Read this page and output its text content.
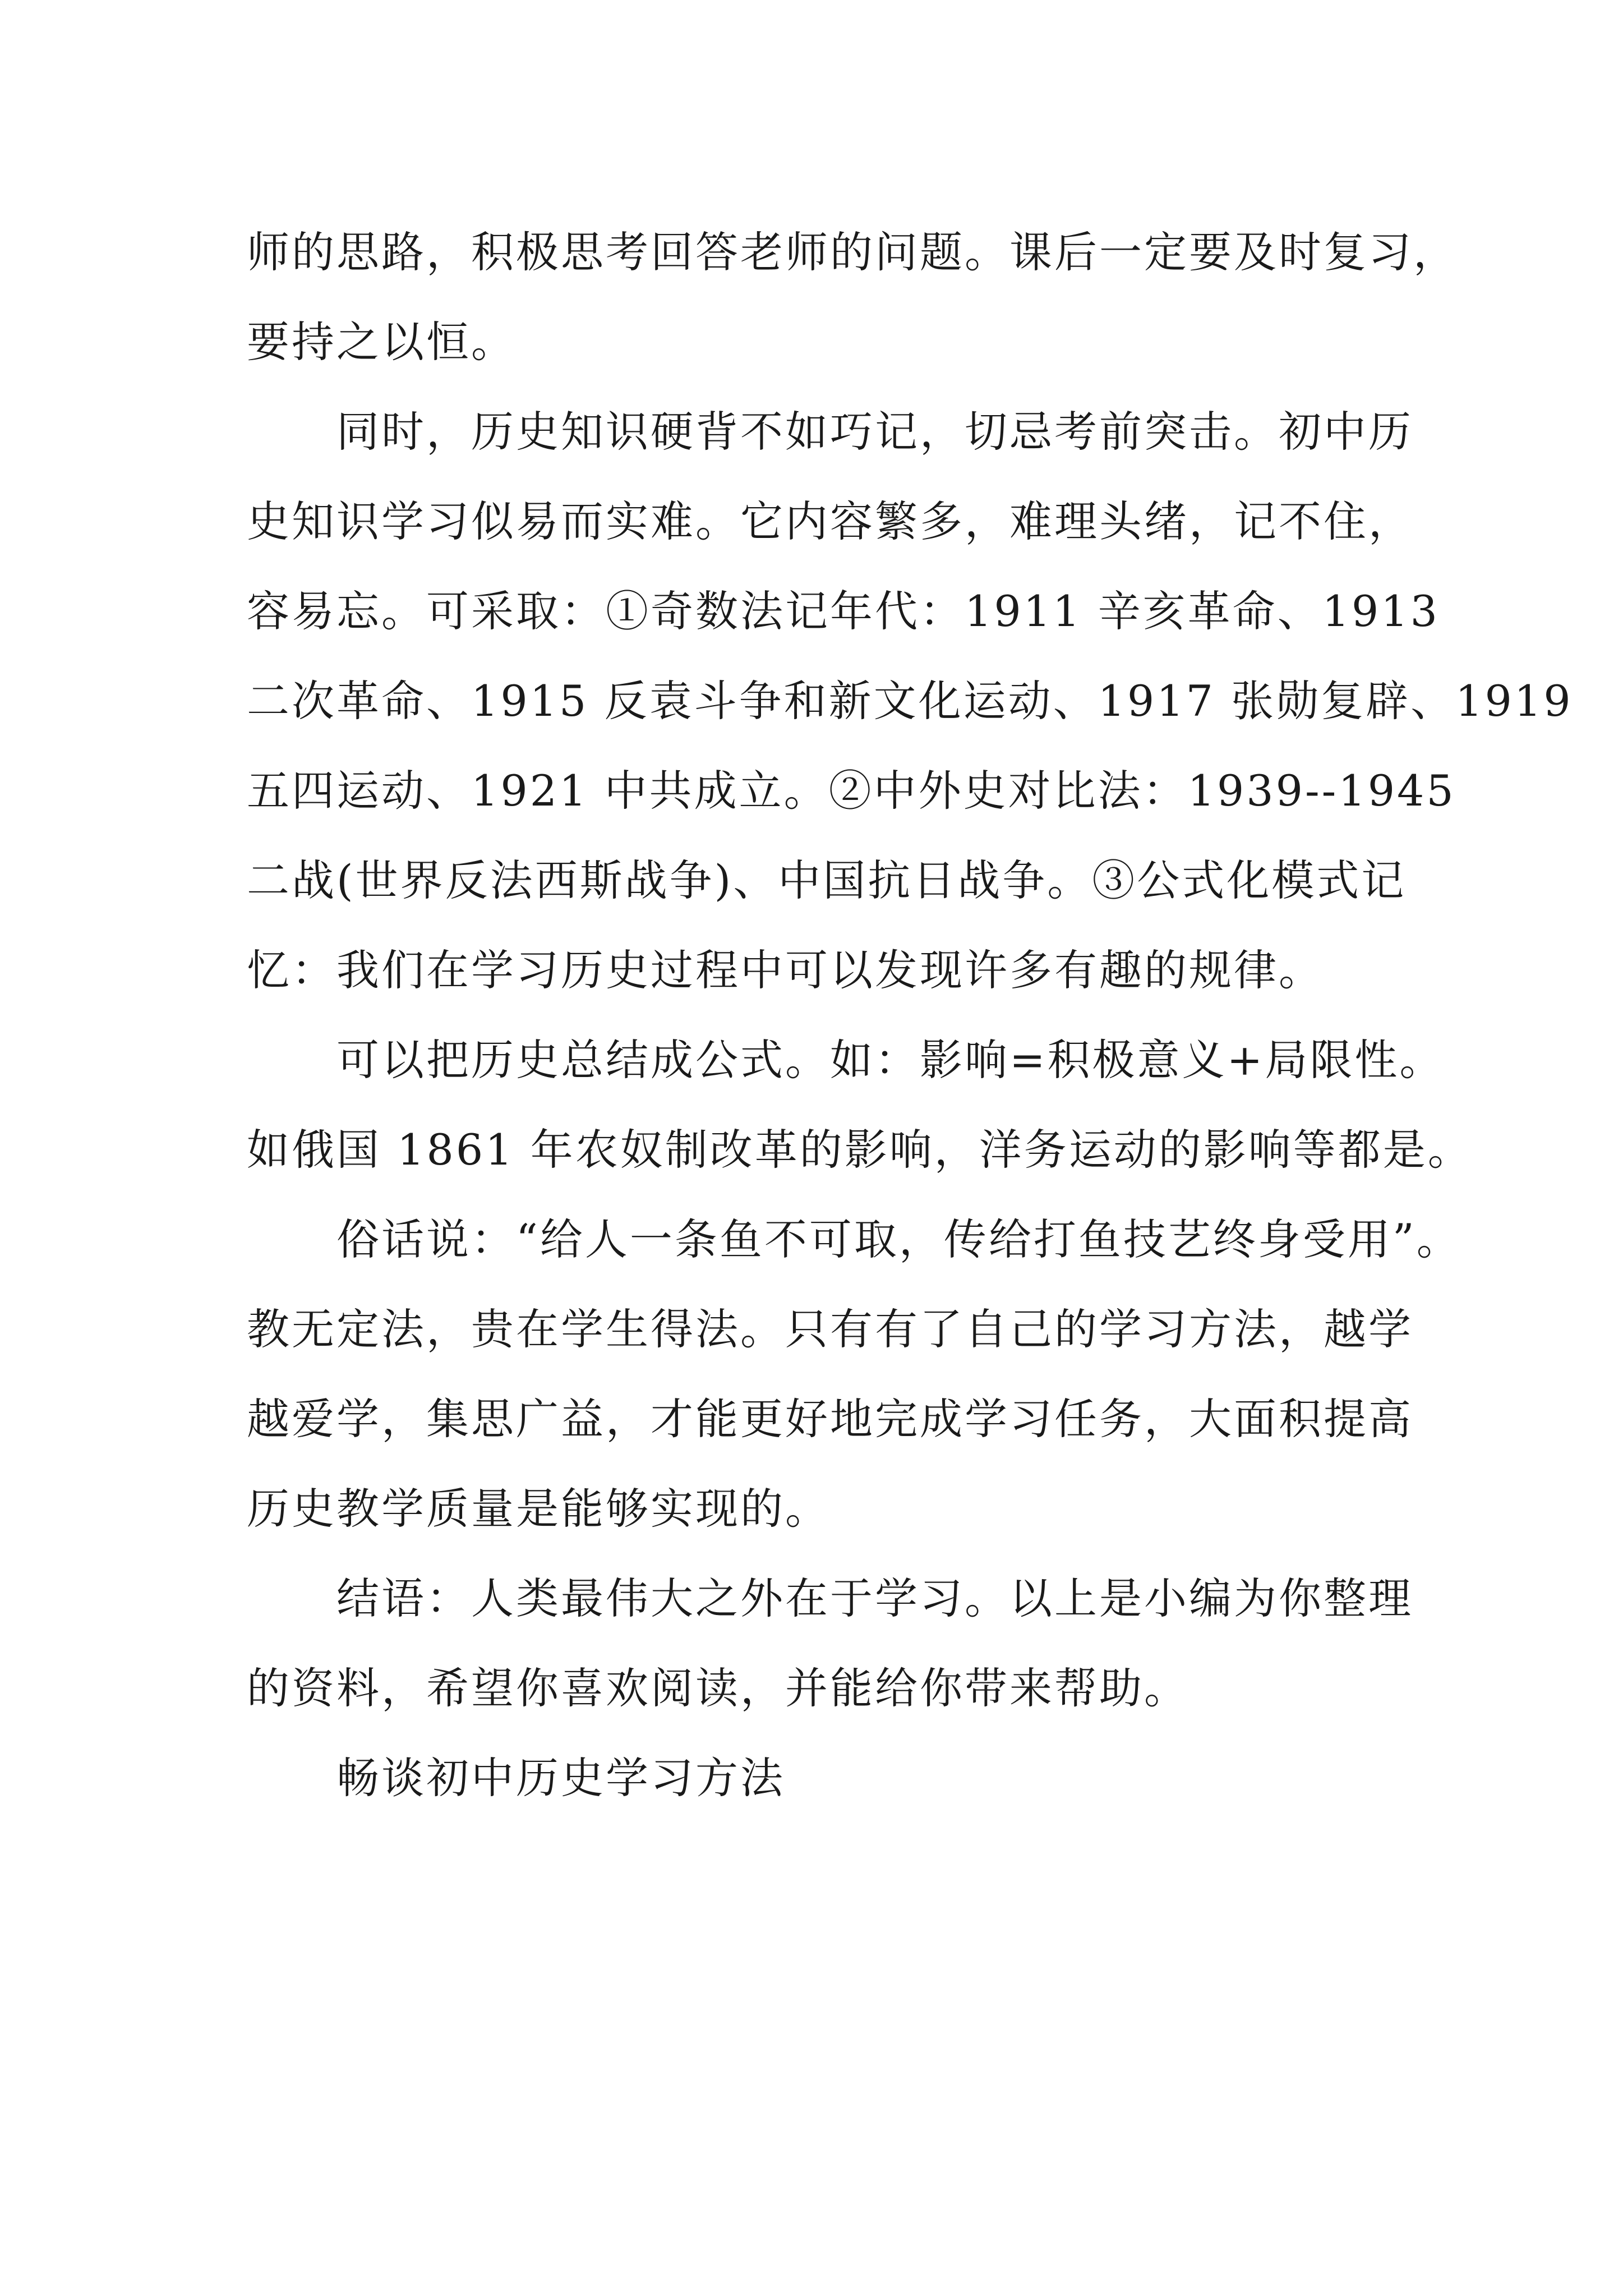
师的思路，积极思考回答老师的问题。课后一定要及时复习，
要持之以恒。
同时，历史知识硬背不如巧记，切忌考前突击。初中历
史知识学习似易而实难。它内容繁多，难理头绪，记不住，
容易忘。可采取：①奇数法记年代：1911 辛亥革命、1913
二次革命、1915 反袁斗争和新文化运动、1917 张勋复辟、1919
五四运动、1921 中共成立。②中外史对比法：1939--1945
二战(世界反法西斯战争)、中国抗日战争。③公式化模式记
忆：我们在学习历史过程中可以发现许多有趣的规律。
可以把历史总结成公式。如：影响=积极意义+局限性。
如俄国 1861 年农奴制改革的影响，洋务运动的影响等都是。
俗话说：“给人一条鱼不可取，传给打鱼技艺终身受用”。
教无定法，贵在学生得法。只有有了自己的学习方法，越学
越爱学，集思广益，才能更好地完成学习任务，大面积提高
历史教学质量是能够实现的。
结语：人类最伟大之外在于学习。以上是小编为你整理
的资料，希望你喜欢阅读，并能给你带来帮助。
畅谈初中历史学习方法
